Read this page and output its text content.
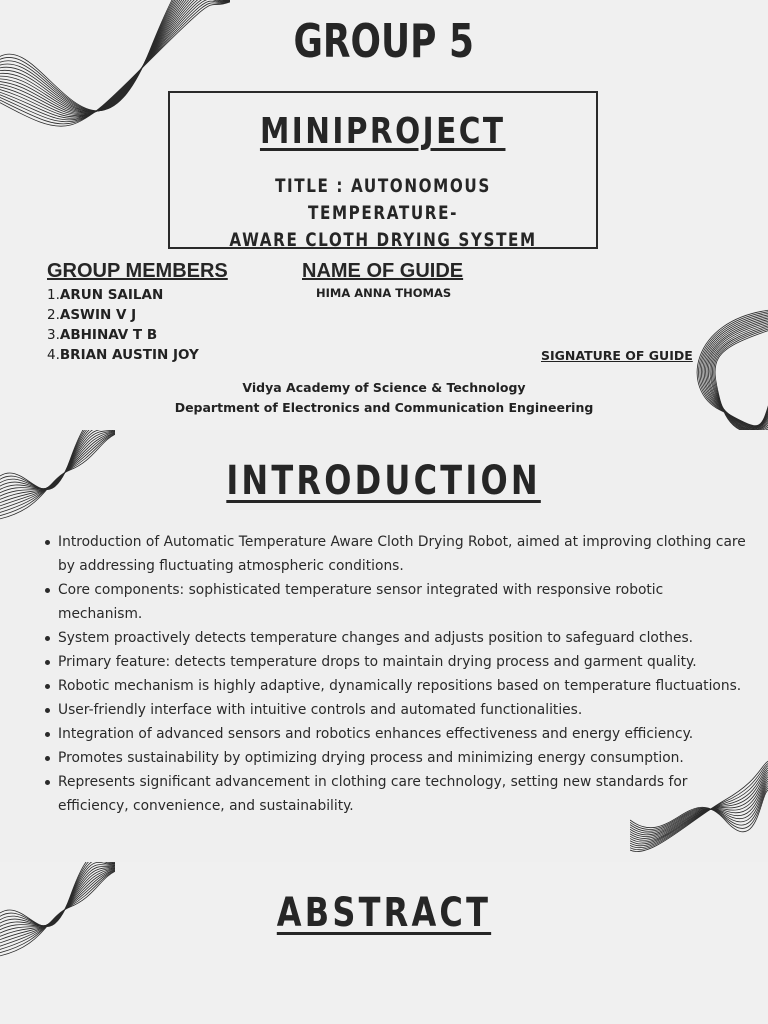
GROUP 5
MINIPROJECT
TITLE : AUTONOMOUS TEMPERATURE-
AWARE CLOTH DRYING SYSTEM
GROUP MEMBERS
1.ARUN SAILAN
2.ASWIN V J
3.ABHINAV T B
4.BRIAN AUSTIN JOY
NAME OF GUIDE
HIMA ANNA THOMAS
SIGNATURE OF GUIDE
Vidya Academy of Science & Technology
Department of Electronics and Communication Engineering
INTRODUCTION
Introduction of Automatic Temperature Aware Cloth Drying Robot, aimed at improving clothing care by addressing fluctuating atmospheric conditions.
Core components: sophisticated temperature sensor integrated with responsive robotic mechanism.
System proactively detects temperature changes and adjusts position to safeguard clothes.
Primary feature: detects temperature drops to maintain drying process and garment quality.
Robotic mechanism is highly adaptive, dynamically repositions based on temperature fluctuations.
User-friendly interface with intuitive controls and automated functionalities.
Integration of advanced sensors and robotics enhances effectiveness and energy efficiency.
Promotes sustainability by optimizing drying process and minimizing energy consumption.
Represents significant advancement in clothing care technology, setting new standards for efficiency, convenience, and sustainability.
ABSTRACT
